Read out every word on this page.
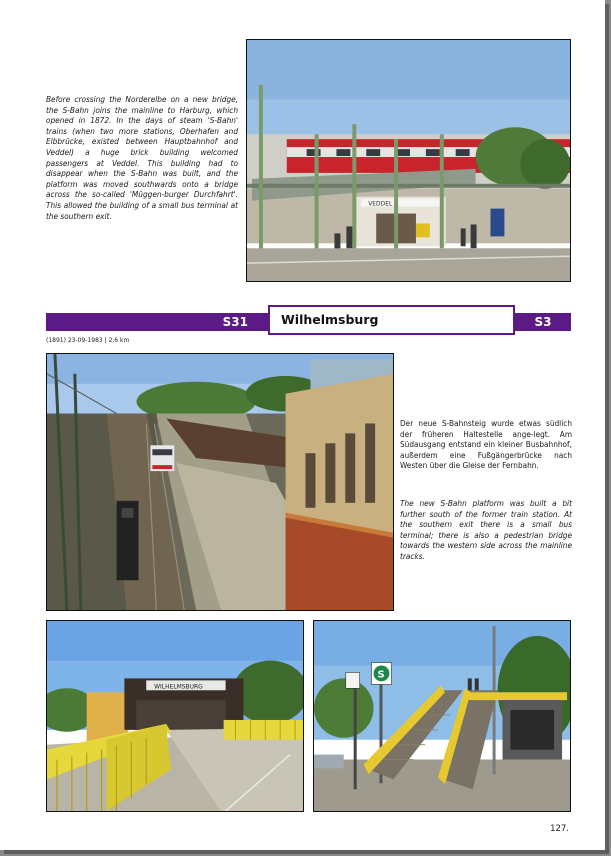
VEDDEL

Before crossing the Norderelbe on a new bridge, the S-Bahn joins the mainline to Harburg, which opened in 1872. In the days of steam 'S-Bahn' trains (when two more stations, Oberhafen and Elbbrücke, existed between Hauptbahnhof and Veddel) a huge brick building welcomed passengers at Veddel. This building had to disappear when the S-Bahn was built, and the platform was moved southwards onto a bridge across the so-called 'Müggen-burger Durchfahrt'. This allowed the building of a small bus terminal at the southern exit.

S31	Wilhelmsburg	S3
(1891) 23-09-1983 | 2,6 km

Der neue S-Bahnsteig wurde etwas südlich der früheren Haltestelle ange-legt. Am Südausgang entstand ein kleiner Busbahnhof, außerdem eine Fußgängerbrücke nach Westen über die Gleise der Fernbahn.

The new S-Bahn platform was built a bit further south of the former train station. At the southern exit there is a small bus terminal; there is also a pedestrian bridge towards the western side across the mainline tracks.

WILHELMSBURG
S
127.
